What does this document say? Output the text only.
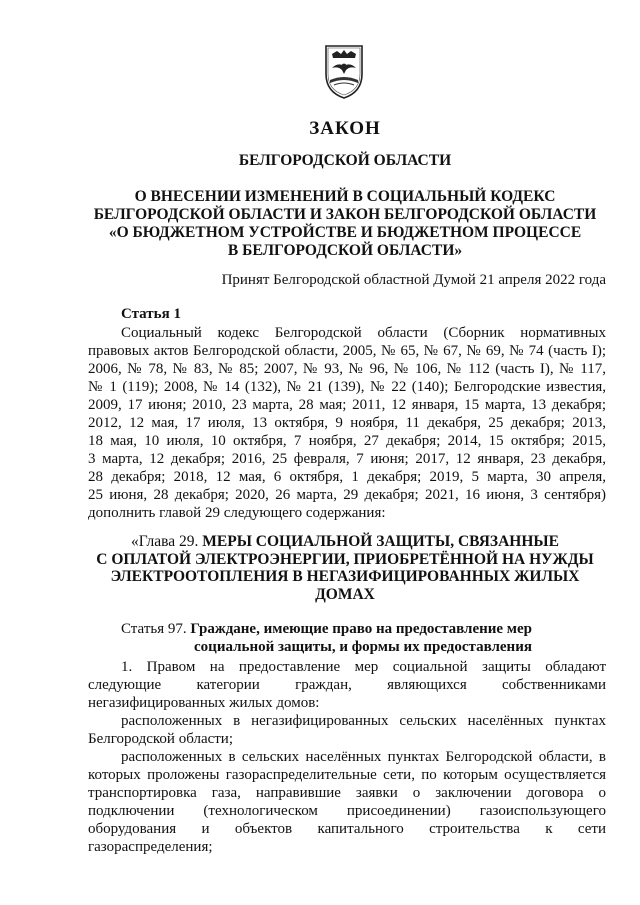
ЗАКОН
БЕЛГОРОДСКОЙ ОБЛАСТИ
О ВНЕСЕНИИ ИЗМЕНЕНИЙ В СОЦИАЛЬНЫЙ КОДЕКС
БЕЛГОРОДСКОЙ ОБЛАСТИ И ЗАКОН БЕЛГОРОДСКОЙ ОБЛАСТИ
«О БЮДЖЕТНОМ УСТРОЙСТВЕ И БЮДЖЕТНОМ ПРОЦЕССЕ
В БЕЛГОРОДСКОЙ ОБЛАСТИ»
Принят Белгородской областной Думой 21 апреля 2022 года
Статья 1
Социальный кодекс Белгородской области (Сборник нормативных
правовых актов Белгородской области, 2005, № 65, № 67, № 69, № 74 (часть I);
2006, № 78, № 83, № 85; 2007, № 93, № 96, № 106, № 112 (часть I), № 117,
№ 1 (119); 2008, № 14 (132), № 21 (139), № 22 (140); Белгородские известия,
2009, 17 июня; 2010, 23 марта, 28 мая; 2011, 12 января, 15 марта, 13 декабря;
2012, 12 мая, 17 июля, 13 октября, 9 ноября, 11 декабря, 25 декабря; 2013,
18 мая, 10 июля, 10 октября, 7 ноября, 27 декабря; 2014, 15 октября; 2015,
3 марта, 12 декабря; 2016, 25 февраля, 7 июня; 2017, 12 января, 23 декабря,
28 декабря; 2018, 12 мая, 6 октября, 1 декабря; 2019, 5 марта, 30 апреля,
25 июня, 28 декабря; 2020, 26 марта, 29 декабря; 2021, 16 июня, 3 сентября)
дополнить главой 29 следующего содержания:
«Глава 29. МЕРЫ СОЦИАЛЬНОЙ ЗАЩИТЫ, СВЯЗАННЫЕ
С ОПЛАТОЙ ЭЛЕКТРОЭНЕРГИИ, ПРИОБРЕТЁННОЙ НА НУЖДЫ
ЭЛЕКТРООТОПЛЕНИЯ В НЕГАЗИФИЦИРОВАННЫХ ЖИЛЫХ
ДОМАХ
Статья 97. Граждане, имеющие право на предоставление мер
социальной защиты, и формы их предоставления
1. Правом на предоставление мер социальной защиты обладают
следующие категории граждан, являющихся собственниками
негазифицированных жилых домов:
расположенных в негазифицированных сельских населённых пунктах
Белгородской области;
расположенных в сельских населённых пунктах Белгородской области, в
которых проложены газораспределительные сети, по которым осуществляется
транспортировка газа, направившие заявки о заключении договора о
подключении (технологическом присоединении) газоиспользующего
оборудования и объектов капитального строительства к сети
газораспределения;
